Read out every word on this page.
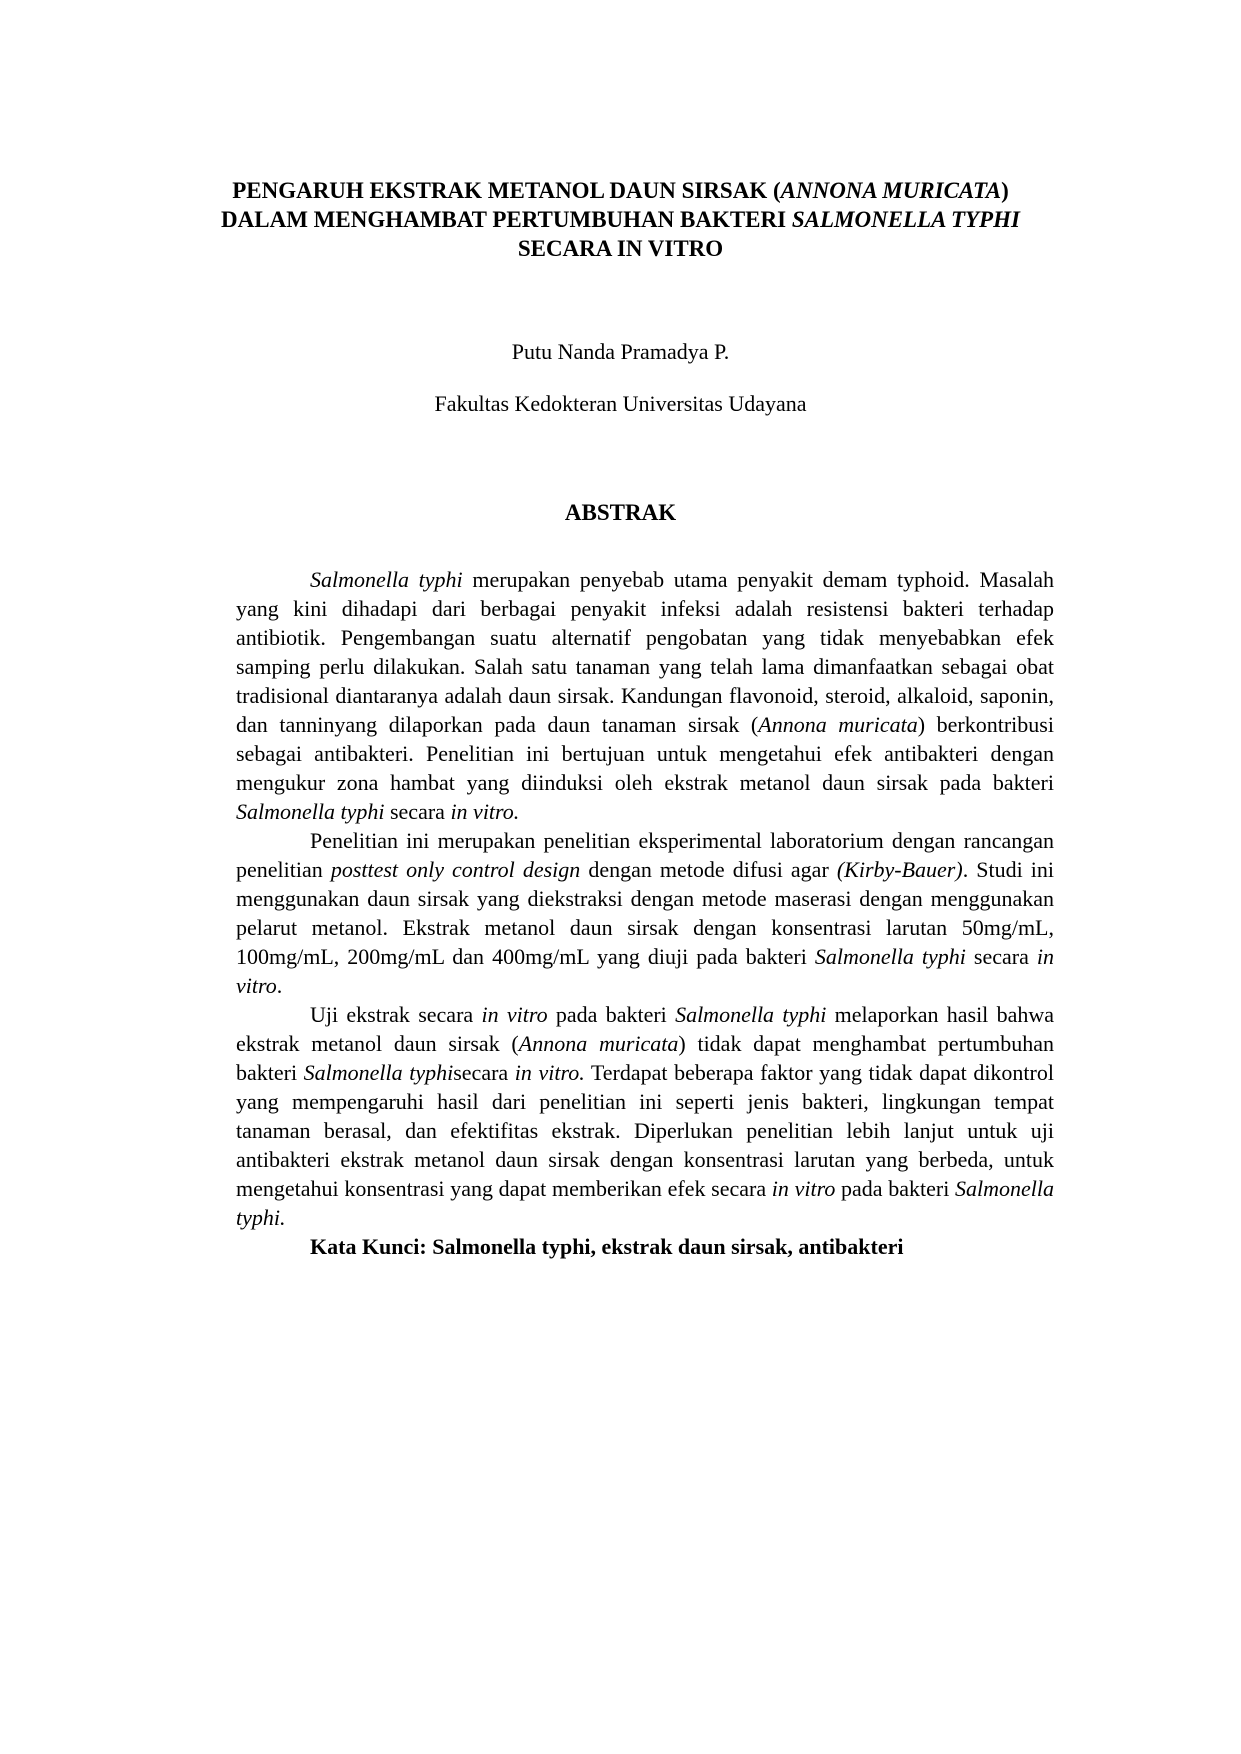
PENGARUH EKSTRAK METANOL DAUN SIRSAK (ANNONA MURICATA) DALAM MENGHAMBAT PERTUMBUHAN BAKTERI SALMONELLA TYPHI SECARA IN VITRO

Putu Nanda Pramadya P.

Fakultas Kedokteran Universitas Udayana

ABSTRAK

Salmonella typhi merupakan penyebab utama penyakit demam typhoid. Masalah yang kini dihadapi dari berbagai penyakit infeksi adalah resistensi bakteri terhadap antibiotik. Pengembangan suatu alternatif pengobatan yang tidak menyebabkan efek samping perlu dilakukan. Salah satu tanaman yang telah lama dimanfaatkan sebagai obat tradisional diantaranya adalah daun sirsak. Kandungan flavonoid, steroid, alkaloid, saponin, dan tanninyang dilaporkan pada daun tanaman sirsak (Annona muricata) berkontribusi sebagai antibakteri. Penelitian ini bertujuan untuk mengetahui efek antibakteri dengan mengukur zona hambat yang diinduksi oleh ekstrak metanol daun sirsak pada bakteri Salmonella typhi secara in vitro.

Penelitian ini merupakan penelitian eksperimental laboratorium dengan rancangan penelitian posttest only control design dengan metode difusi agar (Kirby-Bauer). Studi ini menggunakan daun sirsak yang diekstraksi dengan metode maserasi dengan menggunakan pelarut metanol. Ekstrak metanol daun sirsak dengan konsentrasi larutan 50mg/mL, 100mg/mL, 200mg/mL dan 400mg/mL yang diuji pada bakteri Salmonella typhi secara in vitro.

Uji ekstrak secara in vitro pada bakteri Salmonella typhi melaporkan hasil bahwa ekstrak metanol daun sirsak (Annona muricata) tidak dapat menghambat pertumbuhan bakteri Salmonella typhisecara in vitro. Terdapat beberapa faktor yang tidak dapat dikontrol yang mempengaruhi hasil dari penelitian ini seperti jenis bakteri, lingkungan tempat tanaman berasal, dan efektifitas ekstrak. Diperlukan penelitian lebih lanjut untuk uji antibakteri ekstrak metanol daun sirsak dengan konsentrasi larutan yang berbeda, untuk mengetahui konsentrasi yang dapat memberikan efek secara in vitro pada bakteri Salmonella typhi.

Kata Kunci: Salmonella typhi, ekstrak daun sirsak, antibakteri
